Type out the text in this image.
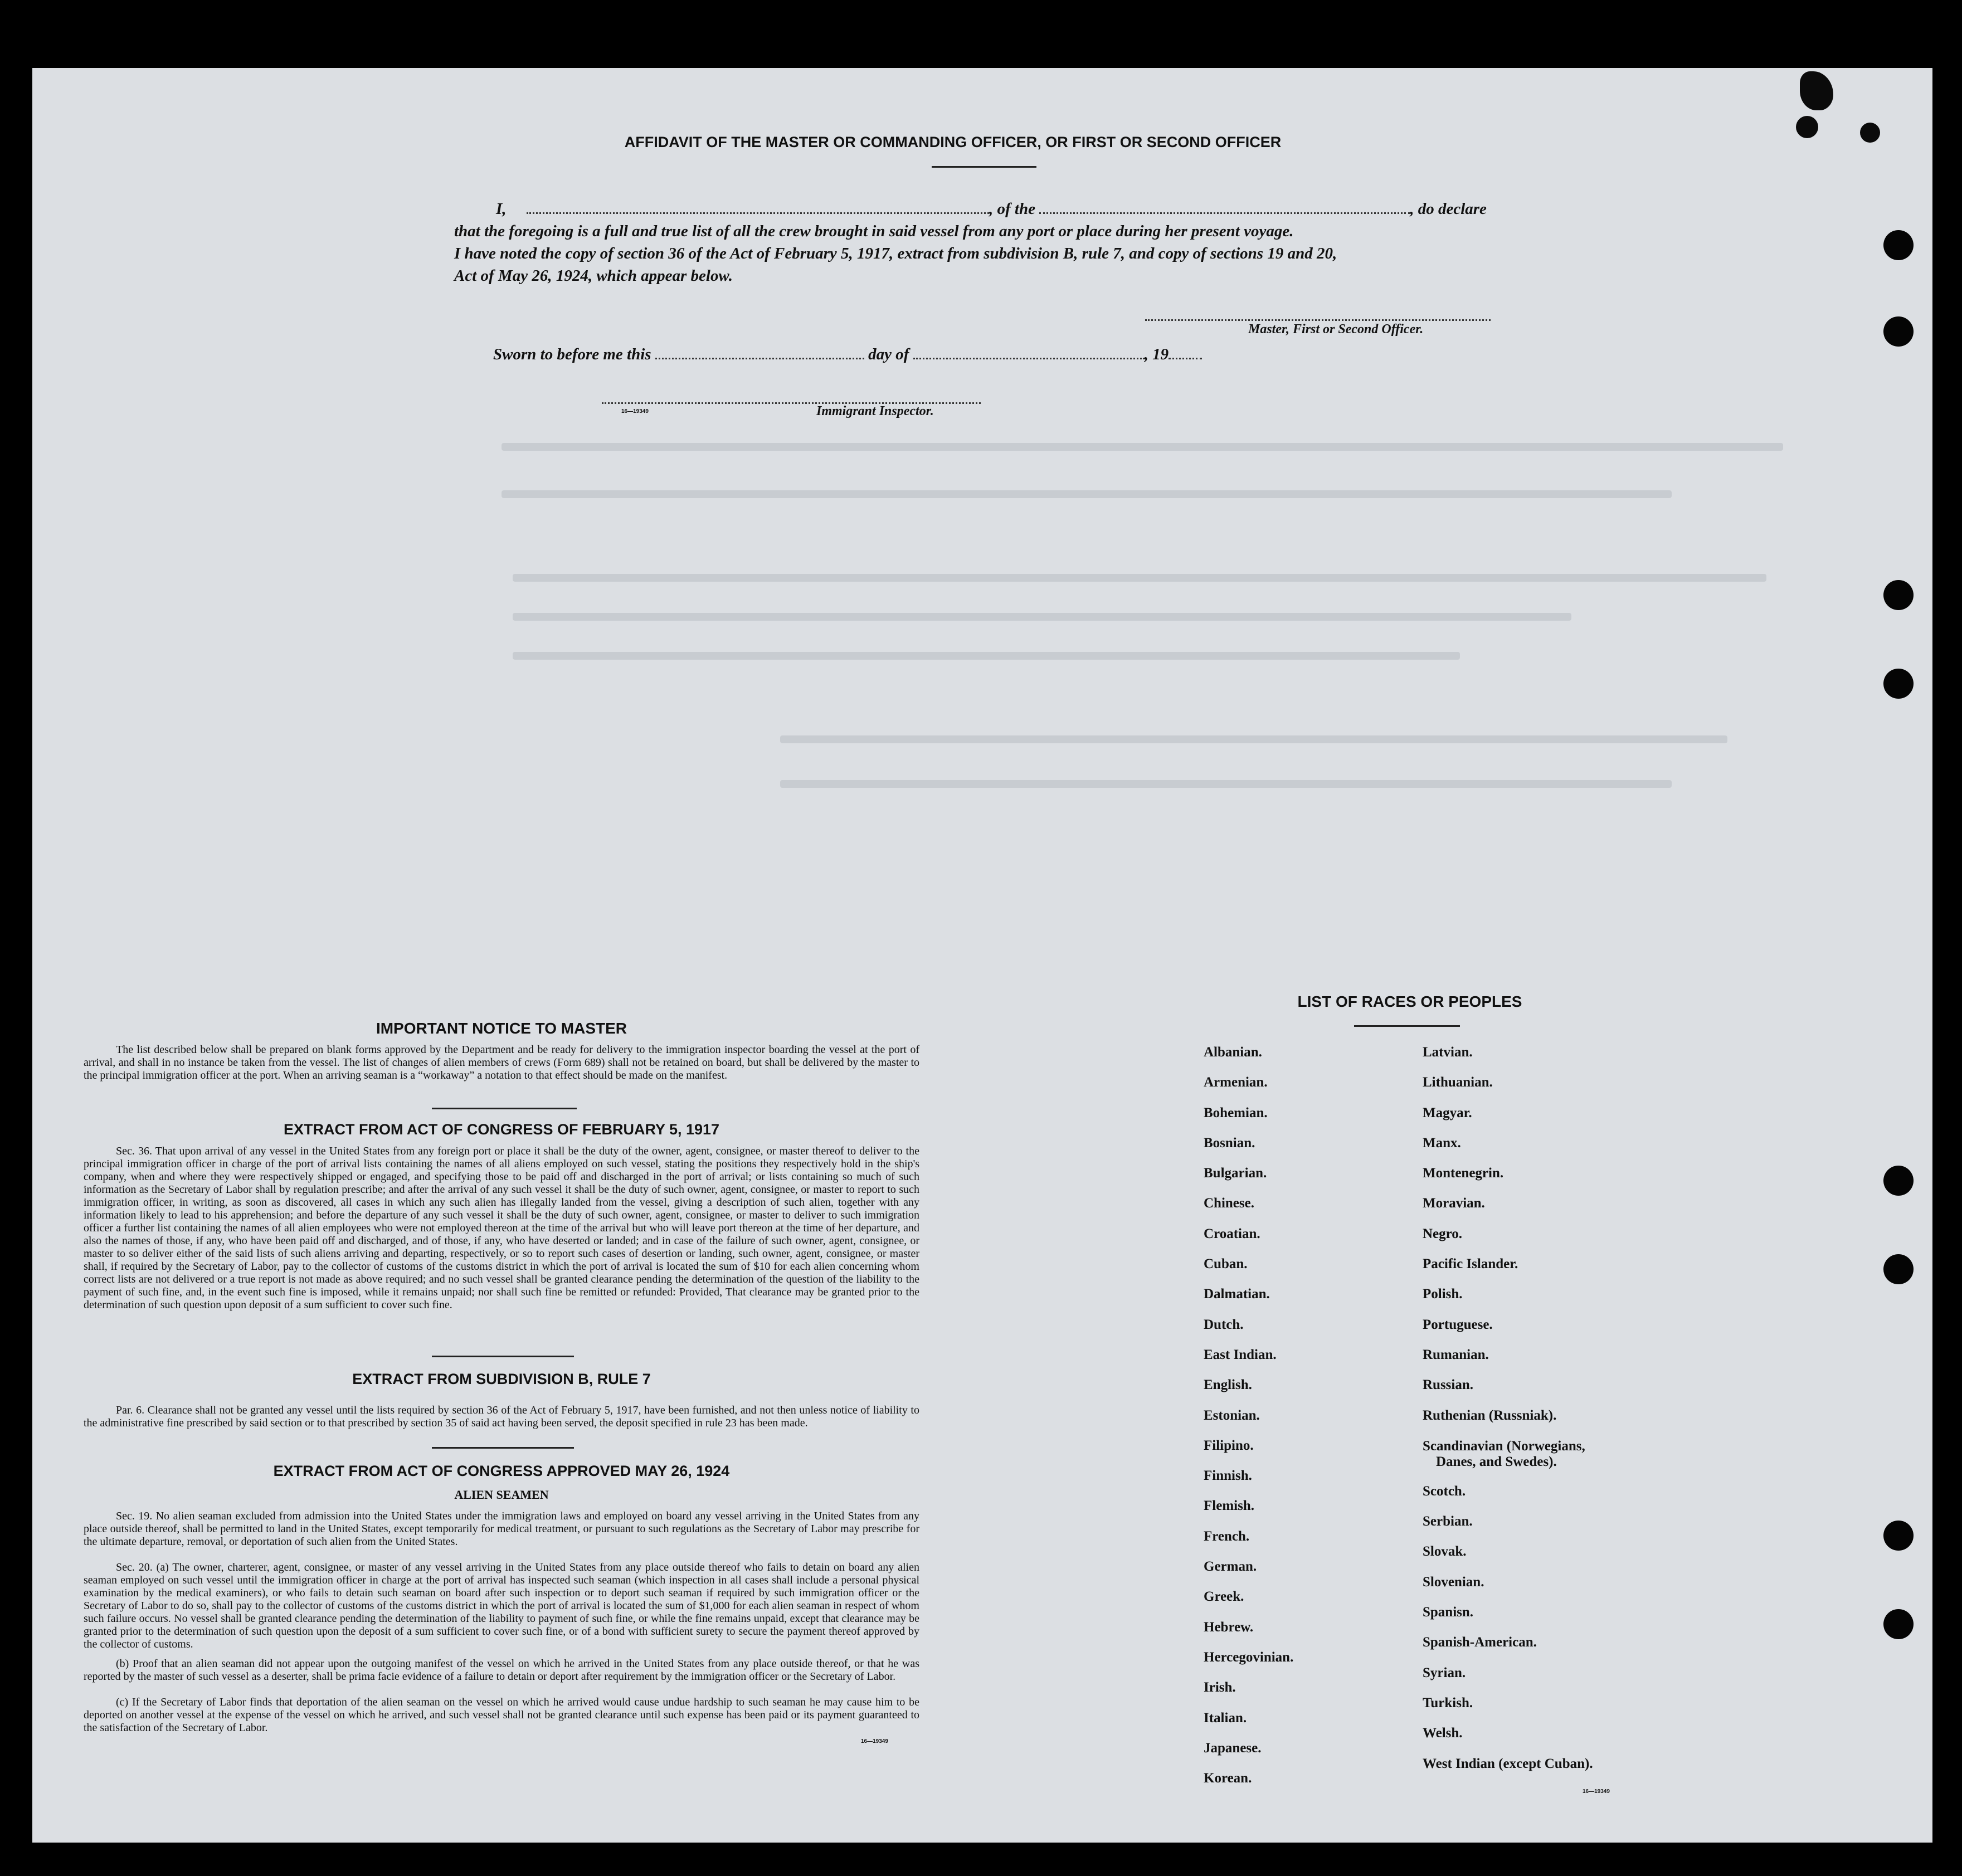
AFFIDAVIT OF THE MASTER OR COMMANDING OFFICER, OR FIRST OR SECOND OFFICER
I,	, of the	, do declare
that the foregoing is a full and true list of all the crew brought in said vessel from any port or place during her present voyage.
I have noted the copy of section 36 of the Act of February 5, 1917, extract from subdivision B, rule 7, and copy of sections 19 and 20,
Act of May 26, 1924, which appear below.
Master, First or Second Officer.
Sworn to before me this	day of	, 19
16—19349	Immigrant Inspector.
IMPORTANT NOTICE TO MASTER
The list described below shall be prepared on blank forms approved by the Department and be ready for delivery to the immigration inspector boarding the vessel at the port of arrival, and shall in no instance be taken from the vessel. The list of changes of alien members of crews (Form 689) shall not be retained on board, but shall be delivered by the master to the principal immigration officer at the port. When an arriving seaman is a “workaway” a notation to that effect should be made on the manifest.
EXTRACT FROM ACT OF CONGRESS OF FEBRUARY 5, 1917
Sec. 36. That upon arrival of any vessel in the United States from any foreign port or place it shall be the duty of the owner, agent, consignee, or master thereof to deliver to the principal immigration officer in charge of the port of arrival lists containing the names of all aliens employed on such vessel, stating the positions they respectively hold in the ship's company, when and where they were respectively shipped or engaged, and specifying those to be paid off and discharged in the port of arrival; or lists containing so much of such information as the Secretary of Labor shall by regulation prescribe; and after the arrival of any such vessel it shall be the duty of such owner, agent, consignee, or master to report to such immigration officer, in writing, as soon as discovered, all cases in which any such alien has illegally landed from the vessel, giving a description of such alien, together with any information likely to lead to his apprehension; and before the departure of any such vessel it shall be the duty of such owner, agent, consignee, or master to deliver to such immigration officer a further list containing the names of all alien employees who were not employed thereon at the time of the arrival but who will leave port thereon at the time of her departure, and also the names of those, if any, who have been paid off and discharged, and of those, if any, who have deserted or landed; and in case of the failure of such owner, agent, consignee, or master to so deliver either of the said lists of such aliens arriving and departing, respectively, or so to report such cases of desertion or landing, such owner, agent, consignee, or master shall, if required by the Secretary of Labor, pay to the collector of customs of the customs district in which the port of arrival is located the sum of $10 for each alien concerning whom correct lists are not delivered or a true report is not made as above required; and no such vessel shall be granted clearance pending the determination of the question of the liability to the payment of such fine, and, in the event such fine is imposed, while it remains unpaid; nor shall such fine be remitted or refunded: Provided, That clearance may be granted prior to the determination of such question upon deposit of a sum sufficient to cover such fine.
EXTRACT FROM SUBDIVISION B, RULE 7
Par. 6. Clearance shall not be granted any vessel until the lists required by section 36 of the Act of February 5, 1917, have been furnished, and not then unless notice of liability to the administrative fine prescribed by said section or to that prescribed by section 35 of said act having been served, the deposit specified in rule 23 has been made.
EXTRACT FROM ACT OF CONGRESS APPROVED MAY 26, 1924
ALIEN SEAMEN
Sec. 19. No alien seaman excluded from admission into the United States under the immigration laws and employed on board any vessel arriving in the United States from any place outside thereof, shall be permitted to land in the United States, except temporarily for medical treatment, or pursuant to such regulations as the Secretary of Labor may prescribe for the ultimate departure, removal, or deportation of such alien from the United States.
Sec. 20. (a) The owner, charterer, agent, consignee, or master of any vessel arriving in the United States from any place outside thereof who fails to detain on board any alien seaman employed on such vessel until the immigration officer in charge at the port of arrival has inspected such seaman (which inspection in all cases shall include a personal physical examination by the medical examiners), or who fails to detain such seaman on board after such inspection or to deport such seaman if required by such immigration officer or the Secretary of Labor to do so, shall pay to the collector of customs of the customs district in which the port of arrival is located the sum of $1,000 for each alien seaman in respect of whom such failure occurs. No vessel shall be granted clearance pending the determination of the liability to payment of such fine, or while the fine remains unpaid, except that clearance may be granted prior to the determination of such question upon the deposit of a sum sufficient to cover such fine, or of a bond with sufficient surety to secure the payment thereof approved by the collector of customs.
(b) Proof that an alien seaman did not appear upon the outgoing manifest of the vessel on which he arrived in the United States from any place outside thereof, or that he was reported by the master of such vessel as a deserter, shall be prima facie evidence of a failure to detain or deport after requirement by the immigration officer or the Secretary of Labor.
(c) If the Secretary of Labor finds that deportation of the alien seaman on the vessel on which he arrived would cause undue hardship to such seaman he may cause him to be deported on another vessel at the expense of the vessel on which he arrived, and such vessel shall not be granted clearance until such expense has been paid or its payment guaranteed to the satisfaction of the Secretary of Labor.
16—19349
LIST OF RACES OR PEOPLES
Albanian.
Armenian.
Bohemian.
Bosnian.
Bulgarian.
Chinese.
Croatian.
Cuban.
Dalmatian.
Dutch.
East Indian.
English.
Estonian.
Filipino.
Finnish.
Flemish.
French.
German.
Greek.
Hebrew.
Hercegovinian.
Irish.
Italian.
Japanese.
Korean.
Latvian.
Lithuanian.
Magyar.
Manx.
Montenegrin.
Moravian.
Negro.
Pacific Islander.
Polish.
Portuguese.
Rumanian.
Russian.
Ruthenian (Russniak).
Scandinavian (Norwegians,
Danes, and Swedes).
Scotch.
Serbian.
Slovak.
Slovenian.
Spanisn.
Spanish-American.
Syrian.
Turkish.
Welsh.
West Indian (except Cuban).
16—19349
